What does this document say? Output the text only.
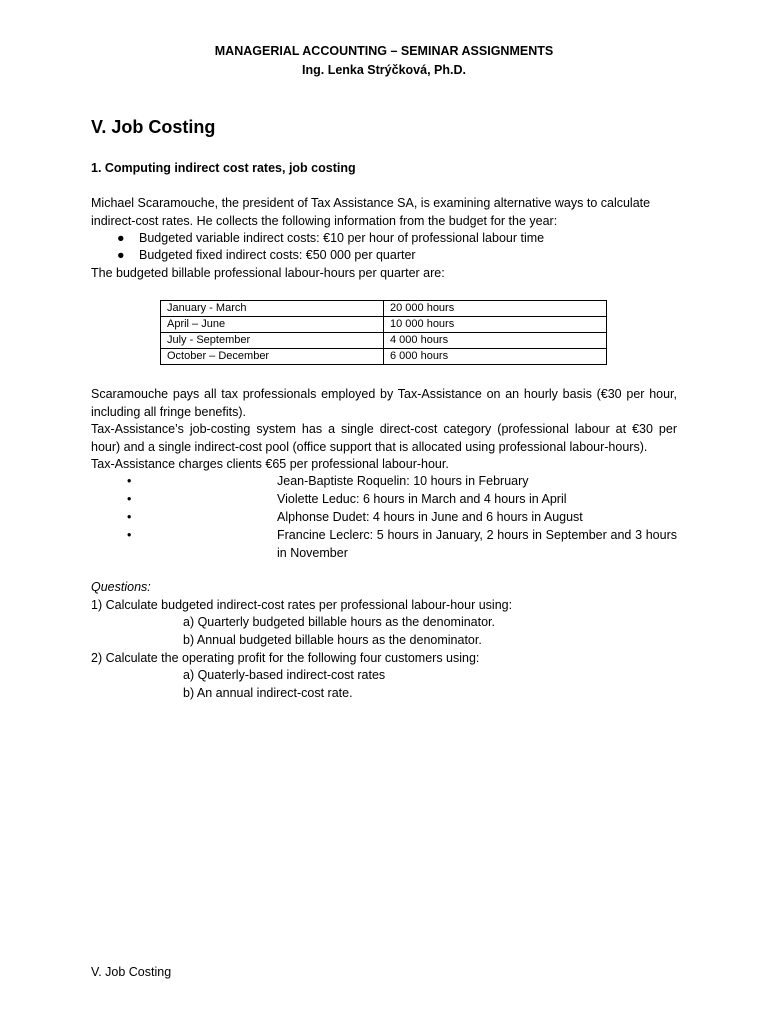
MANAGERIAL ACCOUNTING – SEMINAR ASSIGNMENTS
Ing. Lenka Strýčková, Ph.D.
V. Job Costing
1. Computing indirect cost rates, job costing
Michael Scaramouche, the president of Tax Assistance SA, is examining alternative ways to calculate indirect-cost rates. He collects the following information from the budget for the year:
● Budgeted variable indirect costs: €10 per hour of professional labour time
● Budgeted fixed indirect costs: €50 000 per quarter
The budgeted billable professional labour-hours per quarter are:
January - March	20 000 hours
April – June	10 000 hours
July - September	4 000 hours
October – December	6 000 hours
Scaramouche pays all tax professionals employed by Tax-Assistance on an hourly basis (€30 per hour, including all fringe benefits).
Tax-Assistance’s job-costing system has a single direct-cost category (professional labour at €30 per hour) and a single indirect-cost pool (office support that is allocated using professional labour-hours).
Tax-Assistance charges clients €65 per professional labour-hour.
•	Jean-Baptiste Roquelin: 10 hours in February
•	Violette Leduc: 6 hours in March and 4 hours in April
•	Alphonse Dudet: 4 hours in June and 6 hours in August
•	Francine Leclerc: 5 hours in January, 2 hours in September and 3 hours in November
Questions:
1) Calculate budgeted indirect-cost rates per professional labour-hour using:
a) Quarterly budgeted billable hours as the denominator.
b) Annual budgeted billable hours as the denominator.
2) Calculate the operating profit for the following four customers using:
a) Quaterly-based indirect-cost rates
b) An annual indirect-cost rate.
V. Job Costing
